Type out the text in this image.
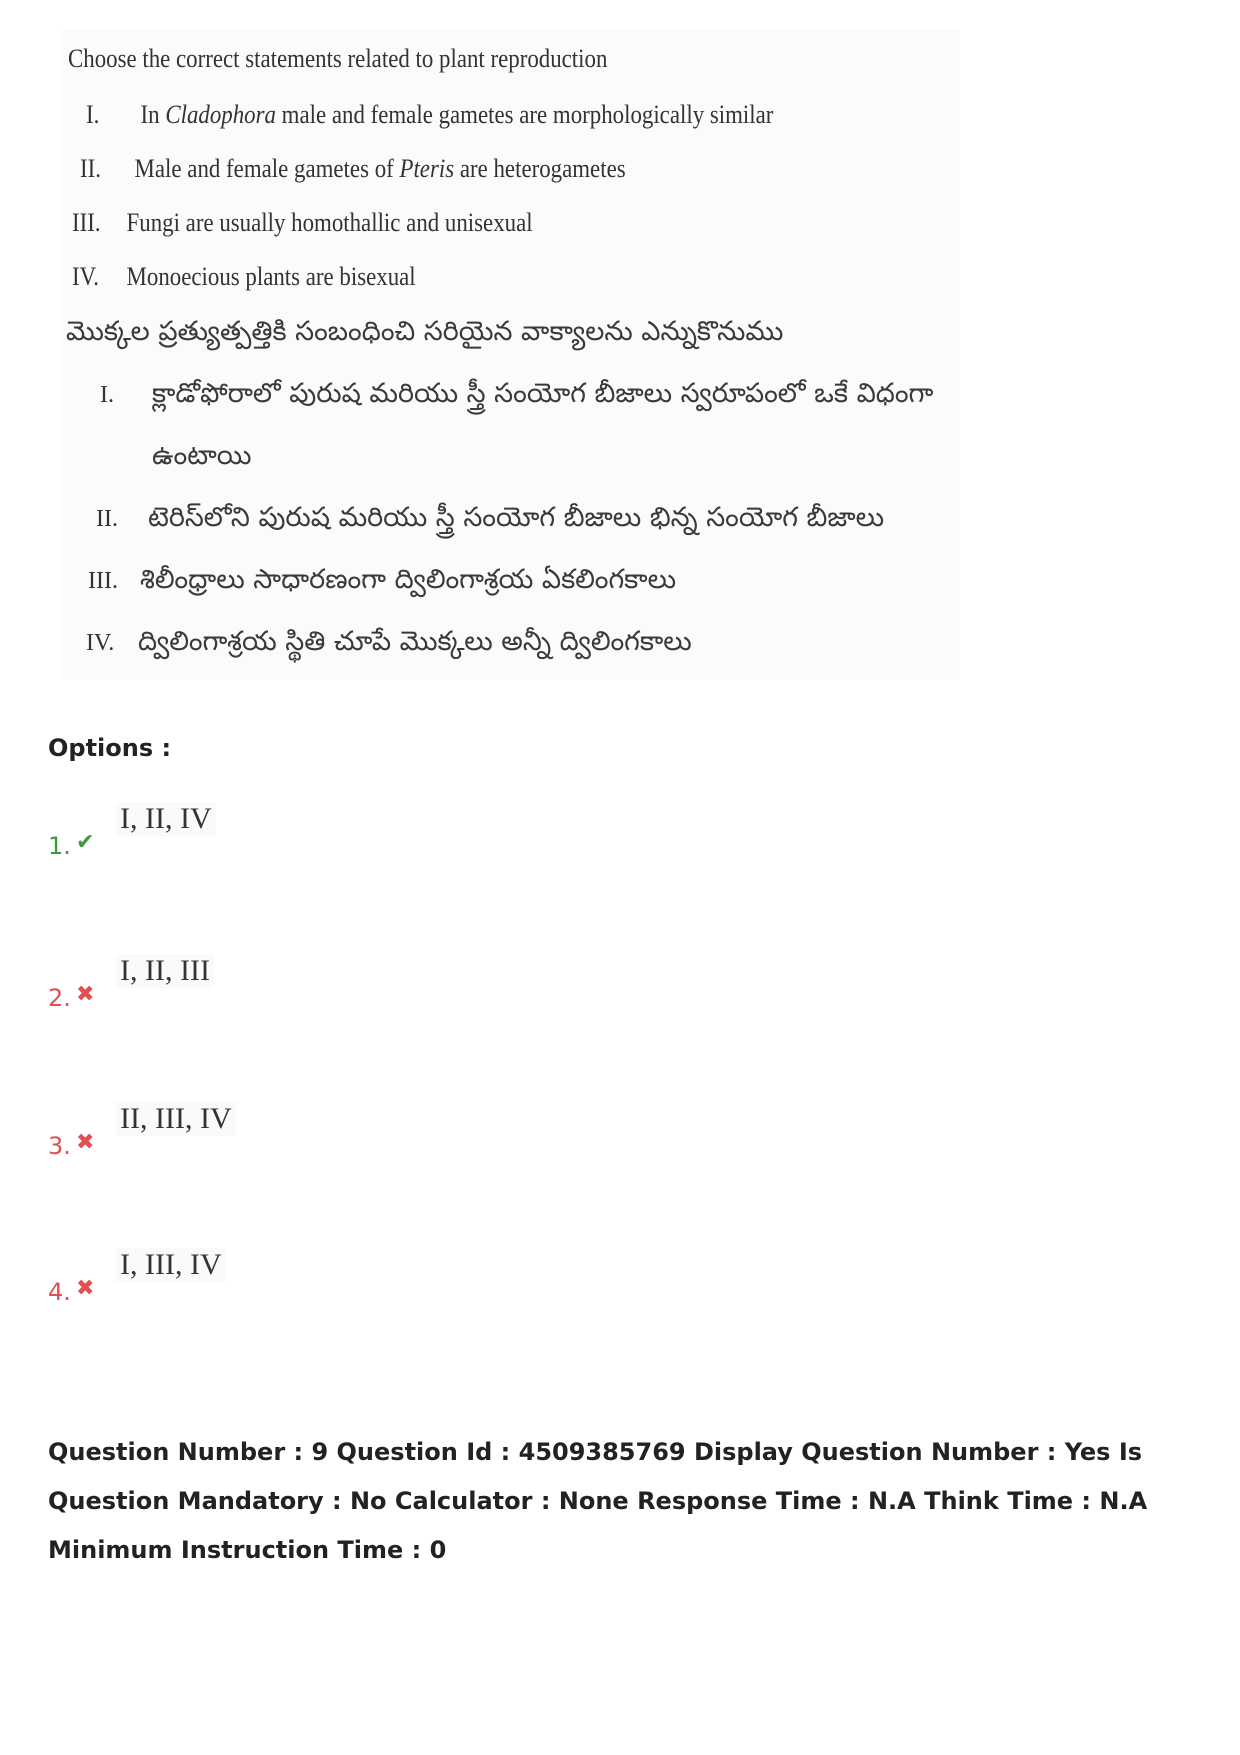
Choose the correct statements related to plant reproduction
I. In Cladophora male and female gametes are morphologically similar
II. Male and female gametes of Pteris are heterogametes
III. Fungi are usually homothallic and unisexual
IV. Monoecious plants are bisexual
మొక్కల ప్రత్యుత్పత్తికి సంబంధించి సరియైన వాక్యాలను ఎన్నుకొనుము
I. క్లాడోఫోరాలో పురుష మరియు స్త్రీ సంయోగ బీజాలు స్వరూపంలో ఒకే విధంగా
ఉంటాయి
II. టెరిస్‌లోని పురుష మరియు స్త్రీ సంయోగ బీజాలు భిన్న సంయోగ బీజాలు
III. శిలీంధ్రాలు సాధారణంగా ద్విలింగాశ్రయ ఏకలింగకాలు
IV. ద్విలింగాశ్రయ స్థితి చూపే మొక్కలు అన్నీ ద్విలింగకాలు
Options :
1. ✔
I, II, IV
2. ✖
I, II, III
3. ✖
II, III, IV
4. ✖
I, III, IV
Question Number : 9 Question Id : 4509385769 Display Question Number : Yes Is Question Mandatory : No Calculator : None Response Time : N.A Think Time : N.A Minimum Instruction Time : 0
